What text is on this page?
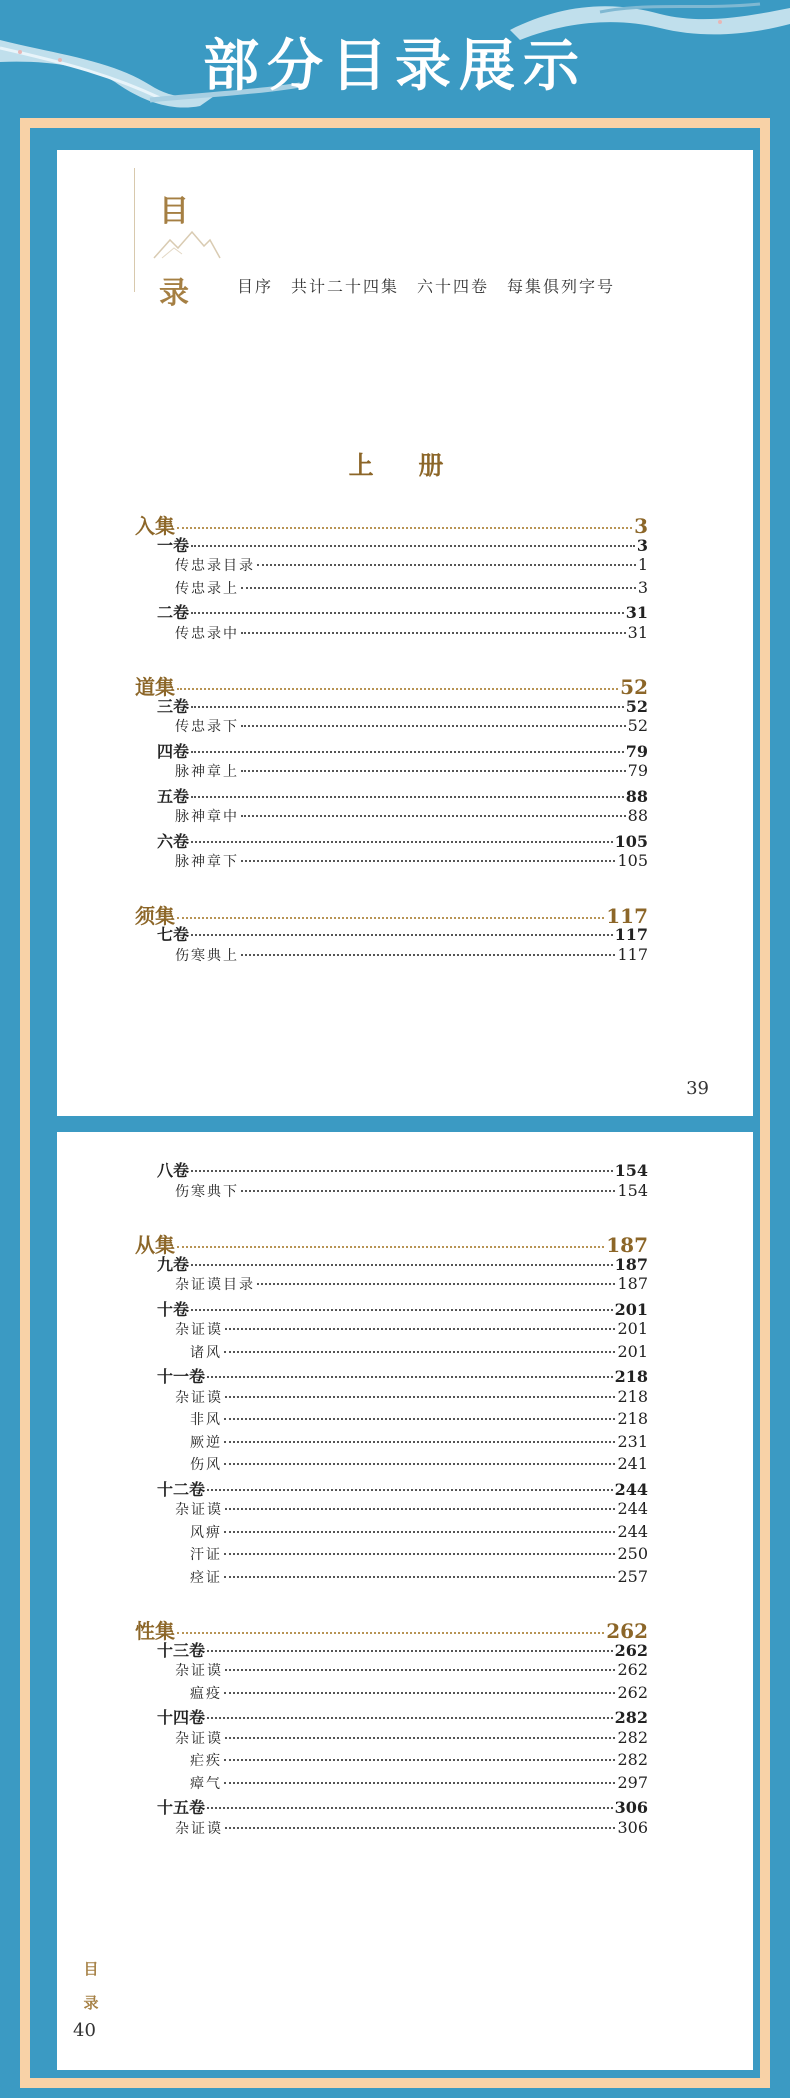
部分目录展示
目
录	目序　共计二十四集　六十四卷　每集俱列字号
上 册
入集	3
一卷	3
传忠录目录	1
传忠录上	3
二卷	31
传忠录中	31
道集	52
三卷	52
传忠录下	52
四卷	79
脉神章上	79
五卷	88
脉神章中	88
六卷	105
脉神章下	105
须集	117
七卷	117
伤寒典上	117
39
八卷	154
伤寒典下	154
从集	187
九卷	187
杂证谟目录	187
十卷	201
杂证谟	201
诸风	201
十一卷	218
杂证谟	218
非风	218
厥逆	231
伤风	241
十二卷	244
杂证谟	244
风痹	244
汗证	250
痉证	257
性集	262
十三卷	262
杂证谟	262
瘟疫	262
十四卷	282
杂证谟	282
疟疾	282
瘴气	297
十五卷	306
杂证谟	306
目
录
40
